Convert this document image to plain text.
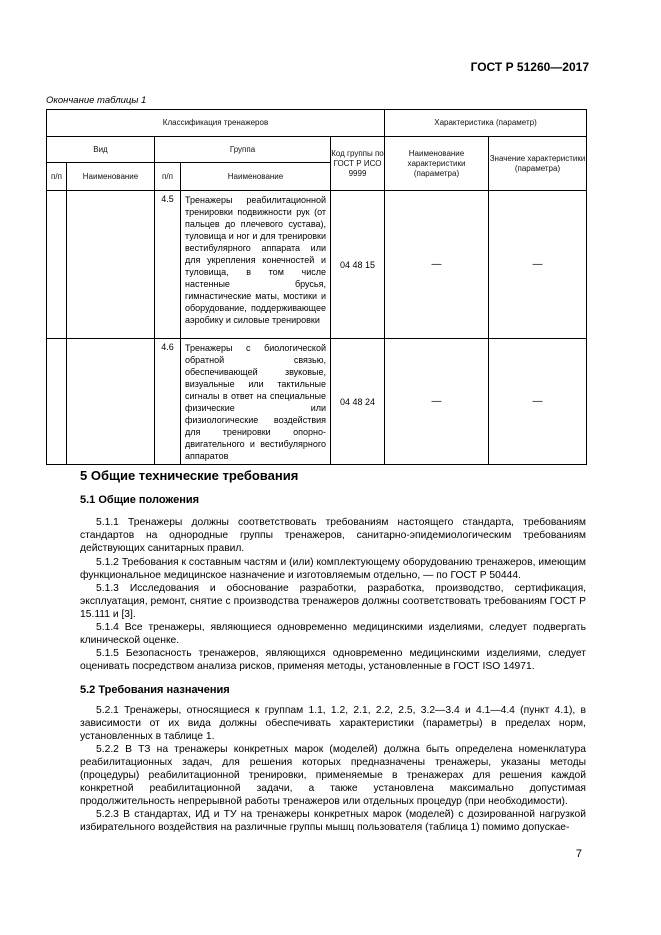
ГОСТ Р 51260—2017
Окончание таблицы 1
Классификация тренажеров					Характеристика (параметр)	
Вид		Группа		Код группы по ГОСТ Р ИСО 9999	Наименование характеристики (параметра)	Значение характеристики (параметра)
п/п	Наименование	п/п	Наименование			
		4.5	Тренажеры реабилитационной тренировки подвижности рук (от пальцев до плечевого сустава), туловища и ног и для тренировки вестибулярного аппарата или для укрепления конечностей и туловища, в том числе настенные брусья, гимнастические маты, мостики и оборудование, поддерживающее аэробику и силовые тренировки	04 48 15	—	—
		4.6	Тренажеры с биологической обратной связью, обеспечивающей звуковые, визуальные или тактильные сигналы в ответ на специальные физические или физиологические воздействия для тренировки опорно-двигательного и вестибулярного аппаратов	04 48 24	—	—
5 Общие технические требования
5.1 Общие положения

5.1.1 Тренажеры должны соответствовать требованиям настоящего стандарта, требованиям стандартов на однородные группы тренажеров, санитарно-эпидемиологическим требованиям действующих санитарных правил.

5.1.2 Требования к составным частям и (или) комплектующему оборудованию тренажеров, имеющим функциональное медицинское назначение и изготовляемым отдельно, — по ГОСТ Р 50444.

5.1.3 Исследования и обоснование разработки, разработка, производство, сертификация, эксплуатация, ремонт, снятие с производства тренажеров должны соответствовать требованиям ГОСТ Р 15.111 и [3].

5.1.4 Все тренажеры, являющиеся одновременно медицинскими изделиями, следует подвергать клинической оценке.

5.1.5 Безопасность тренажеров, являющихся одновременно медицинскими изделиями, следует оценивать посредством анализа рисков, применяя методы, установленные в ГОСТ ISO 14971.

5.2 Требования назначения

5.2.1 Тренажеры, относящиеся к группам 1.1, 1.2, 2.1, 2.2, 2.5, 3.2—3.4 и 4.1—4.4 (пункт 4.1), в зависимости от их вида должны обеспечивать характеристики (параметры) в пределах норм, установленных в таблице 1.

5.2.2 В ТЗ на тренажеры конкретных марок (моделей) должна быть определена номенклатура реабилитационных задач, для решения которых предназначены тренажеры, указаны методы (процедуры) реабилитационной тренировки, применяемые в тренажерах для решения каждой конкретной реабилитационной задачи, а также установлена максимально допустимая продолжительность непрерывной работы тренажеров или отдельных процедур (при необходимости).

5.2.3 В стандартах, ИД и ТУ на тренажеры конкретных марок (моделей) с дозированной нагрузкой избирательного воздействия на различные группы мышц пользователя (таблица 1) помимо допускае-

7
